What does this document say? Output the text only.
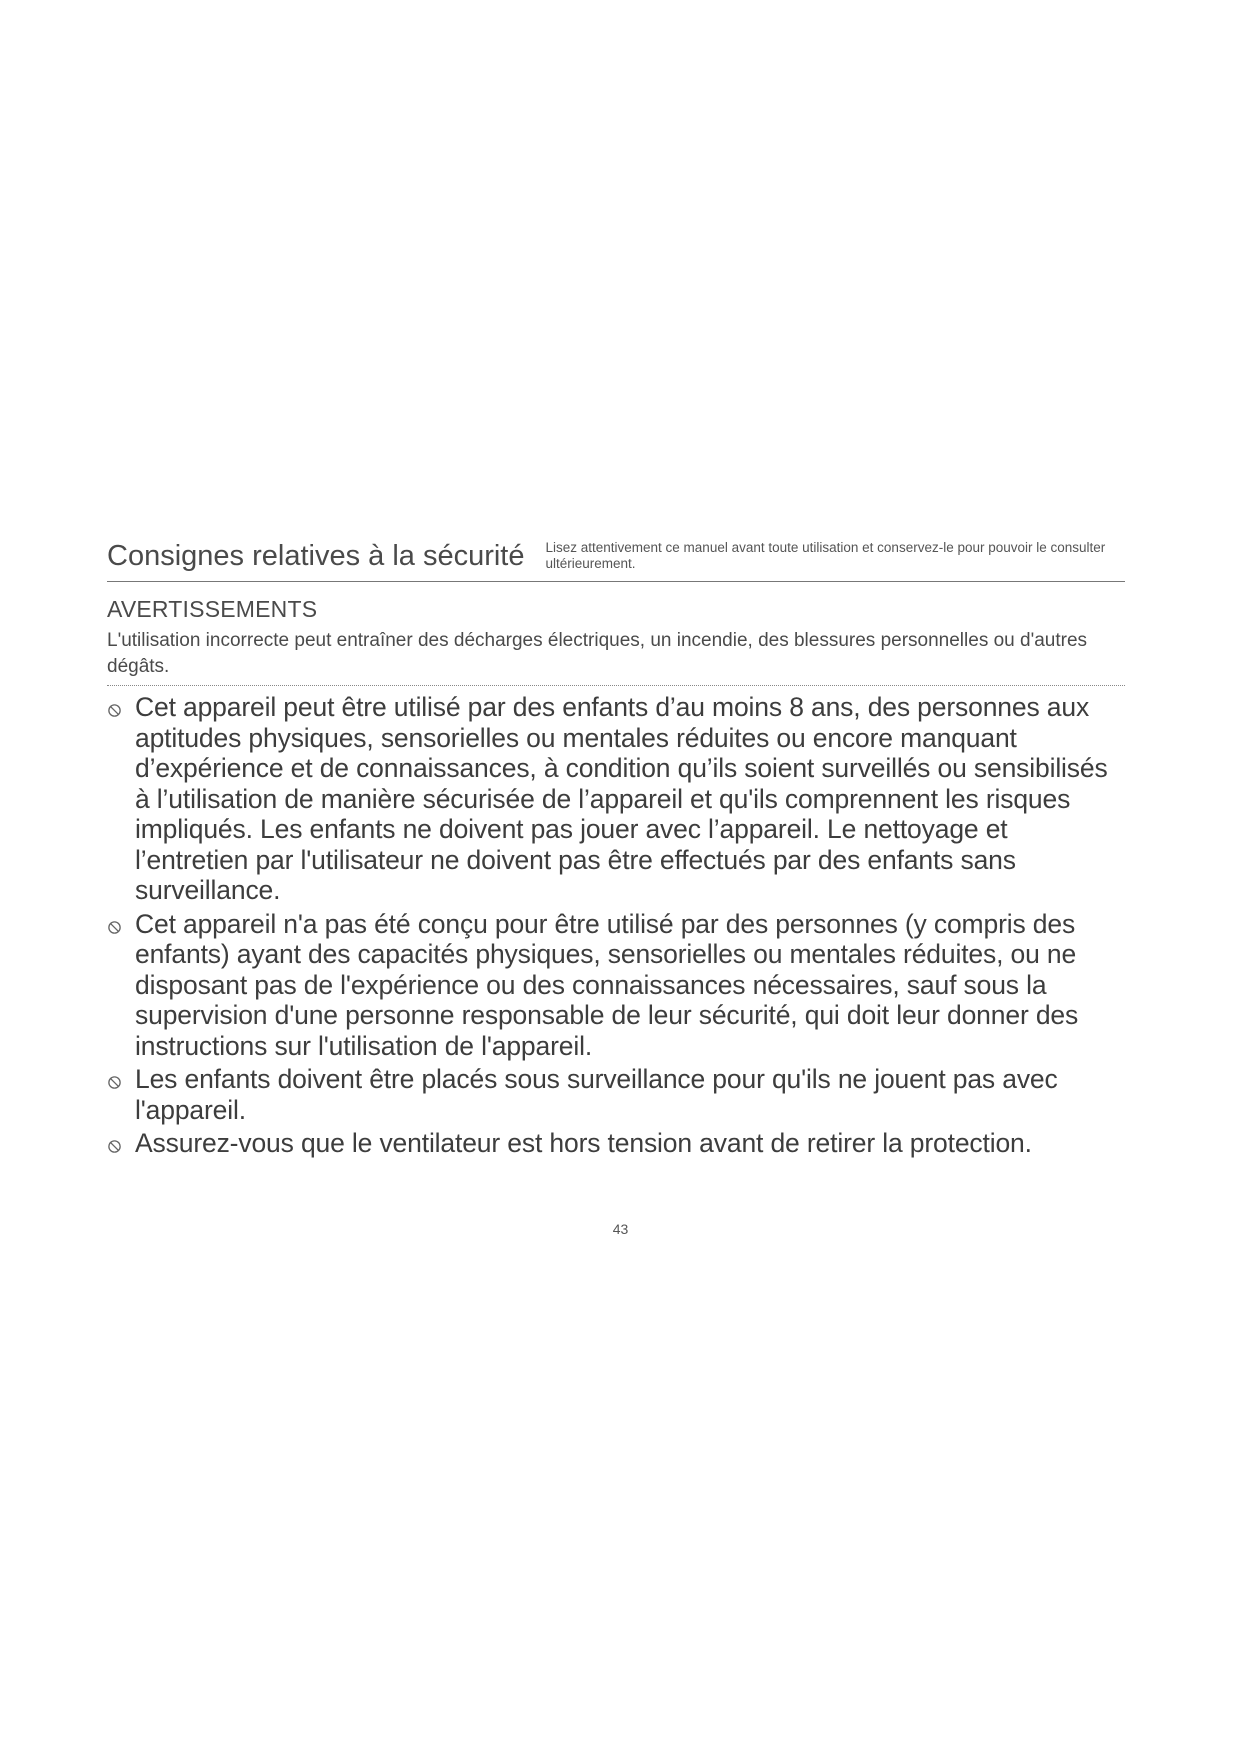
Consignes relatives à la sécurité Lisez attentivement ce manuel avant toute utilisation et conservez-le pour pouvoir le consulter ultérieurement.
AVERTISSEMENTS
L'utilisation incorrecte peut entraîner des décharges électriques, un incendie, des blessures personnelles ou d'autres dégâts.
Cet appareil peut être utilisé par des enfants d’au moins 8 ans, des personnes aux aptitudes physiques, sensorielles ou mentales réduites ou encore manquant d’expérience et de connaissances, à condition qu’ils soient surveillés ou sensibilisés à l’utilisation de manière sécurisée de l’appareil et qu'ils comprennent les risques impliqués. Les enfants ne doivent pas jouer avec l’appareil. Le nettoyage et l’entretien par l'utilisateur ne doivent pas être effectués par des enfants sans surveillance.
Cet appareil n'a pas été conçu pour être utilisé par des personnes (y compris des enfants) ayant des capacités physiques, sensorielles ou mentales réduites, ou ne disposant pas de l'expérience ou des connaissances nécessaires, sauf sous la supervision d'une personne responsable de leur sécurité, qui doit leur donner des instructions sur l'utilisation de l'appareil.
Les enfants doivent être placés sous surveillance pour qu'ils ne jouent pas avec l'appareil.
Assurez-vous que le ventilateur est hors tension avant de retirer la protection.
43
